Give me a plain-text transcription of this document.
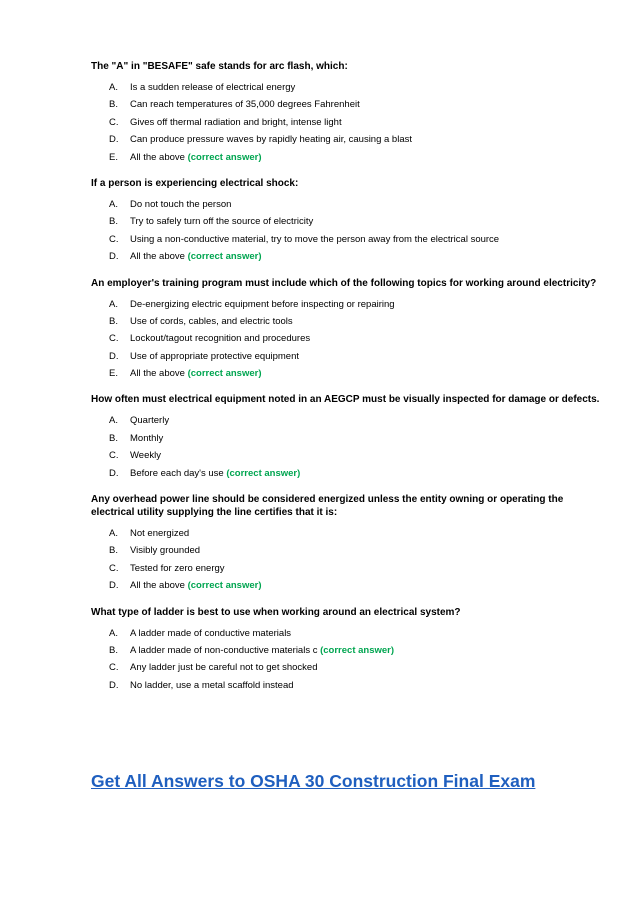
The "A" in "BESAFE" safe stands for arc flash, which:

A.	Is a sudden release of electrical energy
B.	Can reach temperatures of 35,000 degrees Fahrenheit
C.	Gives off thermal radiation and bright, intense light
D.	Can produce pressure waves by rapidly heating air, causing a blast
E.	All the above (correct answer)

If a person is experiencing electrical shock:

A.	Do not touch the person
B.	Try to safely turn off the source of electricity
C.	Using a non-conductive material, try to move the person away from the electrical source
D.	All the above (correct answer)

An employer's training program must include which of the following topics for working around electricity?

A.	De-energizing electric equipment before inspecting or repairing
B.	Use of cords, cables, and electric tools
C.	Lockout/tagout recognition and procedures
D.	Use of appropriate protective equipment
E.	All the above (correct answer)

How often must electrical equipment noted in an AEGCP must be visually inspected for damage or defects.

A.	Quarterly
B.	Monthly
C.	Weekly
D.	Before each day's use (correct answer)

Any overhead power line should be considered energized unless the entity owning or operating the electrical utility supplying the line certifies that it is:

A.	Not energized
B.	Visibly grounded
C.	Tested for zero energy
D.	All the above (correct answer)

What type of ladder is best to use when working around an electrical system?

A.	A ladder made of conductive materials
B.	A ladder made of non-conductive materials c (correct answer)
C.	Any ladder just be careful not to get shocked
D.	No ladder, use a metal scaffold instead
Get All Answers to OSHA 30 Construction Final Exam
